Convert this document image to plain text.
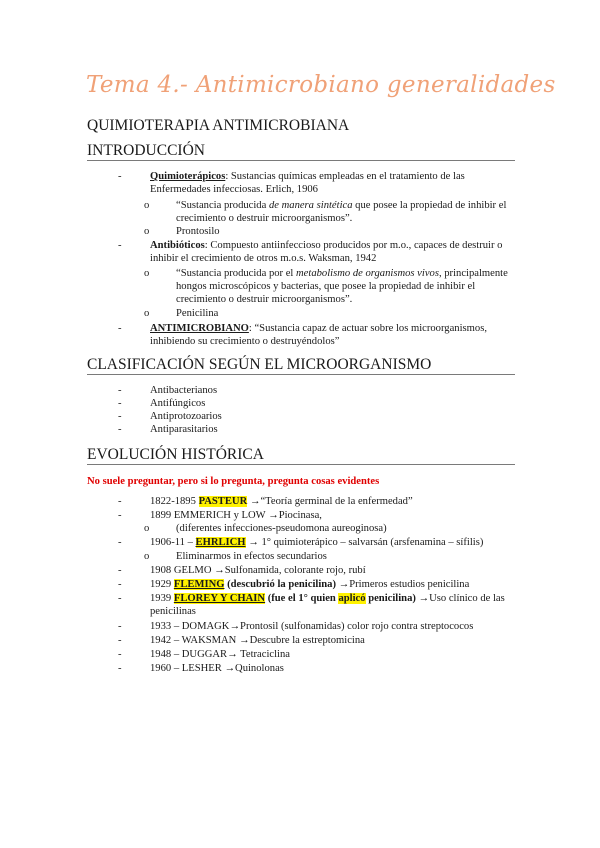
Tema 4.- Antimicrobiano generalidades
QUIMIOTERAPIA ANTIMICROBIANA
INTRODUCCIÓN
-	Quimioterápicos: Sustancias químicas empleadas en el tratamiento de las
Enfermedades infecciosas. Erlich, 1906
o	“Sustancia producida de manera sintética que posee la propiedad de inhibir el
crecimiento o destruir microorganismos”.
o	Prontosilo
-	Antibióticos: Compuesto antiinfeccioso producidos por m.o., capaces de destruir o
inhibir el crecimiento de otros m.o.s. Waksman, 1942
o	“Sustancia producida por el metabolismo de organismos vivos, principalmente
hongos microscópicos y bacterias, que posee la propiedad de inhibir el
crecimiento o destruir microorganismos”.
o	Penicilina
-	ANTIMICROBIANO: “Sustancia capaz de actuar sobre los microorganismos,
inhibiendo su crecimiento o destruyéndolos”
CLASIFICACIÓN SEGÚN EL MICROORGANISMO
-	Antibacterianos
-	Antifúngicos
-	Antiprotozoarios
-	Antiparasitarios
EVOLUCIÓN HISTÓRICA
No suele preguntar, pero si lo pregunta, pregunta cosas evidentes
-	1822-1895 PASTEUR →“Teoría germinal de la enfermedad”
-	1899 EMMERICH y LOW →Piocinasa,
o	(diferentes infecciones-pseudomona aureoginosa)
-	1906-11 – EHRLICH → 1° quimioterápico – salvarsán (arsfenamina – sífilis)
o	Eliminarmos in efectos secundarios
-	1908 GELMO →Sulfonamida, colorante rojo, rubí
-	1929 FLEMING (descubrió la penicilina) →Primeros estudios penicilina
-	1939 FLOREY Y CHAIN (fue el 1° quien aplicó penicilina) →Uso clínico de las
penicilinas
-	1933 – DOMAGK→Prontosil (sulfonamidas) color rojo contra streptococos
-	1942 – WAKSMAN →Descubre la estreptomicina
-	1948 – DUGGAR→ Tetraciclina
-	1960 – LESHER →Quinolonas
